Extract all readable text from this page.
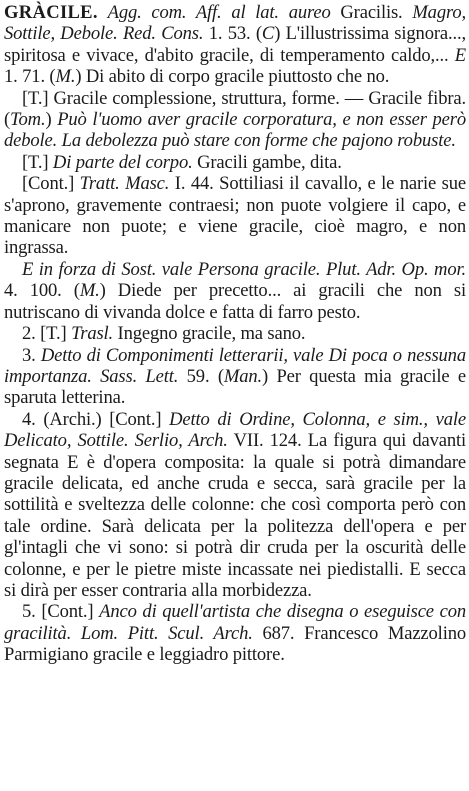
GRÀCILE. Agg. com. Aff. al lat. aureo Gracilis. Magro, Sottile, Debole. Red. Cons. 1. 53. (C) L'illustrissima signora..., spiritosa e vivace, d'abito gracile, di temperamento caldo,... E 1. 71. (M.) Di abito di corpo gracile piuttosto che no.

[T.] Gracile complessione, struttura, forme. — Gracile fibra. (Tom.) Può l'uomo aver gracile corporatura, e non esser però debole. La debolezza può stare con forme che pajono robuste.

[T.] Di parte del corpo. Gracili gambe, dita.

[Cont.] Tratt. Masc. I. 44. Sottiliasi il cavallo, e le narie sue s'aprono, gravemente contraesi; non puote volgiere il capo, e manicare non puote; e viene gracile, cioè magro, e non ingrassa.

E in forza di Sost. vale Persona gracile. Plut. Adr. Op. mor. 4. 100. (M.) Diede per precetto... ai gracili che non si nutriscano di vivanda dolce e fatta di farro pesto.

2. [T.] Trasl. Ingegno gracile, ma sano.

3. Detto di Componimenti letterarii, vale Di poca o nessuna importanza. Sass. Lett. 59. (Man.) Per questa mia gracile e sparuta letterina.

4. (Archi.) [Cont.] Detto di Ordine, Colonna, e sim., vale Delicato, Sottile. Serlio, Arch. VII. 124. La figura qui davanti segnata E è d'opera composita: la quale si potrà dimandare gracile delicata, ed anche cruda e secca, sarà gracile per la sottilità e sveltezza delle colonne: che così comporta però con tale ordine. Sarà delicata per la politezza dell'opera e per gl'intagli che vi sono: si potrà dir cruda per la oscurità delle colonne, e per le pietre miste incassate nei piedistalli. E secca si dirà per esser contraria alla morbidezza.

5. [Cont.] Anco di quell'artista che disegna o eseguisce con gracilità. Lom. Pitt. Scul. Arch. 687. Francesco Mazzolino Parmigiano gracile e leggiadro pittore.
